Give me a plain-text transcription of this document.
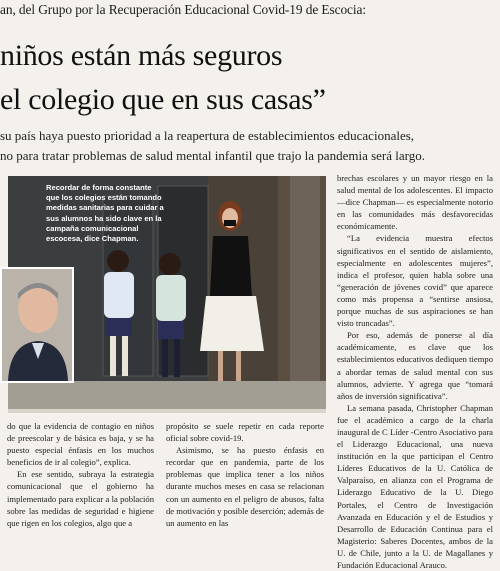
an, del Grupo por la Recuperación Educacional Covid-19 de Escocia:
niños están más seguros
el colegio que en sus casas”
su país haya puesto prioridad a la reapertura de establecimientos educacionales,
no para tratar problemas de salud mental infantil que trajo la pandemia será largo.
Recordar de forma constante que los colegios están tomando medidas sanitarias para cuidar a sus alumnos ha sido clave en la campaña comunicacional escocesa, dice Chapman.

brechas escolares y un mayor riesgo en la salud mental de los adolescentes. El impacto —dice Chapman— es especialmente notorio en las comunidades más desfavorecidas económicamente.

“La evidencia muestra efectos significativos en el sentido de aislamiento, especialmente en adolescentes mujeres”, indica el profesor, quien habla sobre una “generación de jóvenes covid” que aparece como más propensa a “sentirse ansiosa, porque muchas de sus aspiraciones se han visto truncadas”.

Por eso, además de ponerse al día académicamente, es clave que los establecimientos educativos dediquen tiempo a abordar temas de salud mental con sus alumnos, advierte. Y agrega que “tomará años de inversión significativa”.

La semana pasada, Christopher Chapman fue el académico a cargo de la charla inaugural de C Líder -Centro Asociativo para el Liderazgo Educacional, una nueva institución en la que participan el Centro Líderes Educativos de la U. Católica de Valparaíso, en alianza con el Programa de Liderazgo Educativo de la U. Diego Portales, el Centro de Investigación Avanzada en Educación y el de Estudios y Desarrollo de Educación Continua para el Magisterio: Saberes Docentes, ambos de la U. de Chile, junto a la U. de Magallanes y Fundación Educacional Arauco.

do que la evidencia de contagio en niños de preescolar y de básica es baja, y se ha puesto especial énfasis en los muchos beneficios de ir al colegio”, explica.

En ese sentido, subraya la estrategia comunicacional que el gobierno ha implementado para explicar a la población sobre las medidas de seguridad e higiene que rigen en los colegios, algo que a

propósito se suele repetir en cada reporte oficial sobre covid-19.

Asimismo, se ha puesto énfasis en recordar que en pandemia, parte de los problemas que implica tener a los niños durante muchos meses en casa se relacionan con un aumento en el peligro de abusos, falta de motivación y posible deserción; además de un aumento en las
